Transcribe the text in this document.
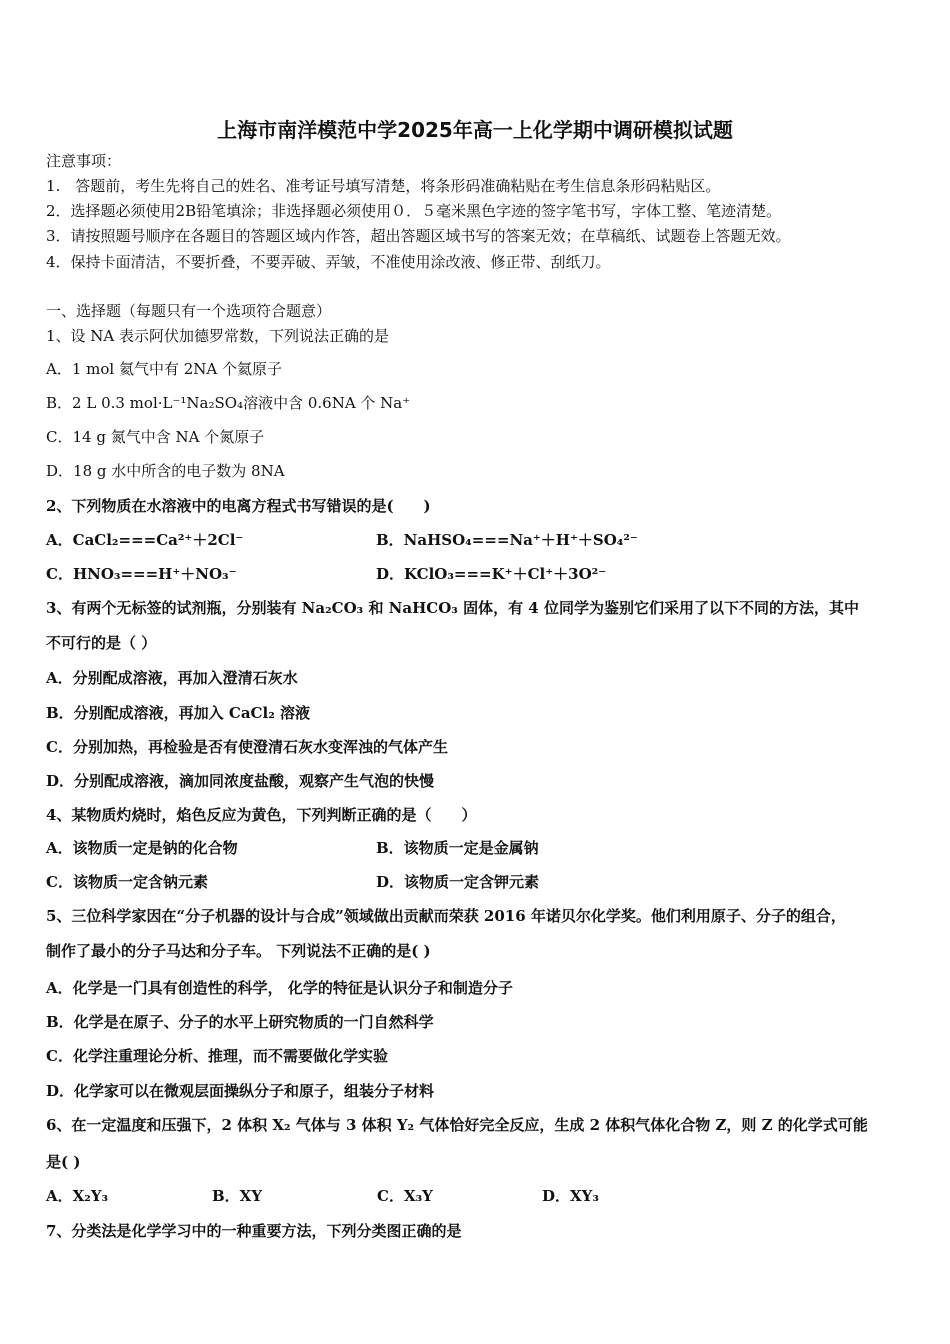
上海市南洋模范中学2025年高一上化学期中调研模拟试题
注意事项：
1.　答题前，考生先将自己的姓名、准考证号填写清楚，将条形码准确粘贴在考生信息条形码粘贴区。
2．选择题必须使用2B铅笔填涂；非选择题必须使用０．５毫米黑色字迹的签字笔书写，字体工整、笔迹清楚。
3．请按照题号顺序在各题目的答题区域内作答，超出答题区域书写的答案无效；在草稿纸、试题卷上答题无效。
4．保持卡面清洁，不要折叠，不要弄破、弄皱，不准使用涂改液、修正带、刮纸刀。
一、选择题（每题只有一个选项符合题意）
1、设 NA 表示阿伏加德罗常数，下列说法正确的是
A．1 mol 氦气中有 2NA 个氦原子
B．2 L 0.3 mol·L⁻¹Na₂SO₄溶液中含 0.6NA 个 Na⁺
C．14 g 氮气中含 NA 个氮原子
D．18 g 水中所含的电子数为 8NA
2、下列物质在水溶液中的电离方程式书写错误的是(　　)
A．CaCl₂===Ca²⁺＋2Cl⁻	B．NaHSO₄===Na⁺＋H⁺＋SO₄²⁻
C．HNO₃===H⁺＋NO₃⁻	D．KClO₃===K⁺＋Cl⁺＋3O²⁻
3、有两个无标签的试剂瓶，分别装有 Na₂CO₃ 和 NaHCO₃ 固体，有 4 位同学为鉴别它们采用了以下不同的方法，其中
不可行的是（ ）
A．分别配成溶液，再加入澄清石灰水
B．分别配成溶液，再加入 CaCl₂ 溶液
C．分别加热，再检验是否有使澄清石灰水变浑浊的气体产生
D．分别配成溶液，滴加同浓度盐酸，观察产生气泡的快慢
4、某物质灼烧时，焰色反应为黄色，下列判断正确的是（　　）
A．该物质一定是钠的化合物	B．该物质一定是金属钠
C．该物质一定含钠元素	D．该物质一定含钾元素
5、三位科学家因在“分子机器的设计与合成”领域做出贡献而荣获 2016 年诺贝尔化学奖。他们利用原子、分子的组合，
制作了最小的分子马达和分子车。 下列说法不正确的是( )
A．化学是一门具有创造性的科学， 化学的特征是认识分子和制造分子
B．化学是在原子、分子的水平上研究物质的一门自然科学
C．化学注重理论分析、推理，而不需要做化学实验
D．化学家可以在微观层面操纵分子和原子，组装分子材料
6、在一定温度和压强下，2 体积 X₂ 气体与 3 体积 Y₂ 气体恰好完全反应，生成 2 体积气体化合物 Z，则 Z 的化学式可能
是( )
A．X₂Y₃	B．XY	C．X₃Y	D．XY₃
7、分类法是化学学习中的一种重要方法，下列分类图正确的是
